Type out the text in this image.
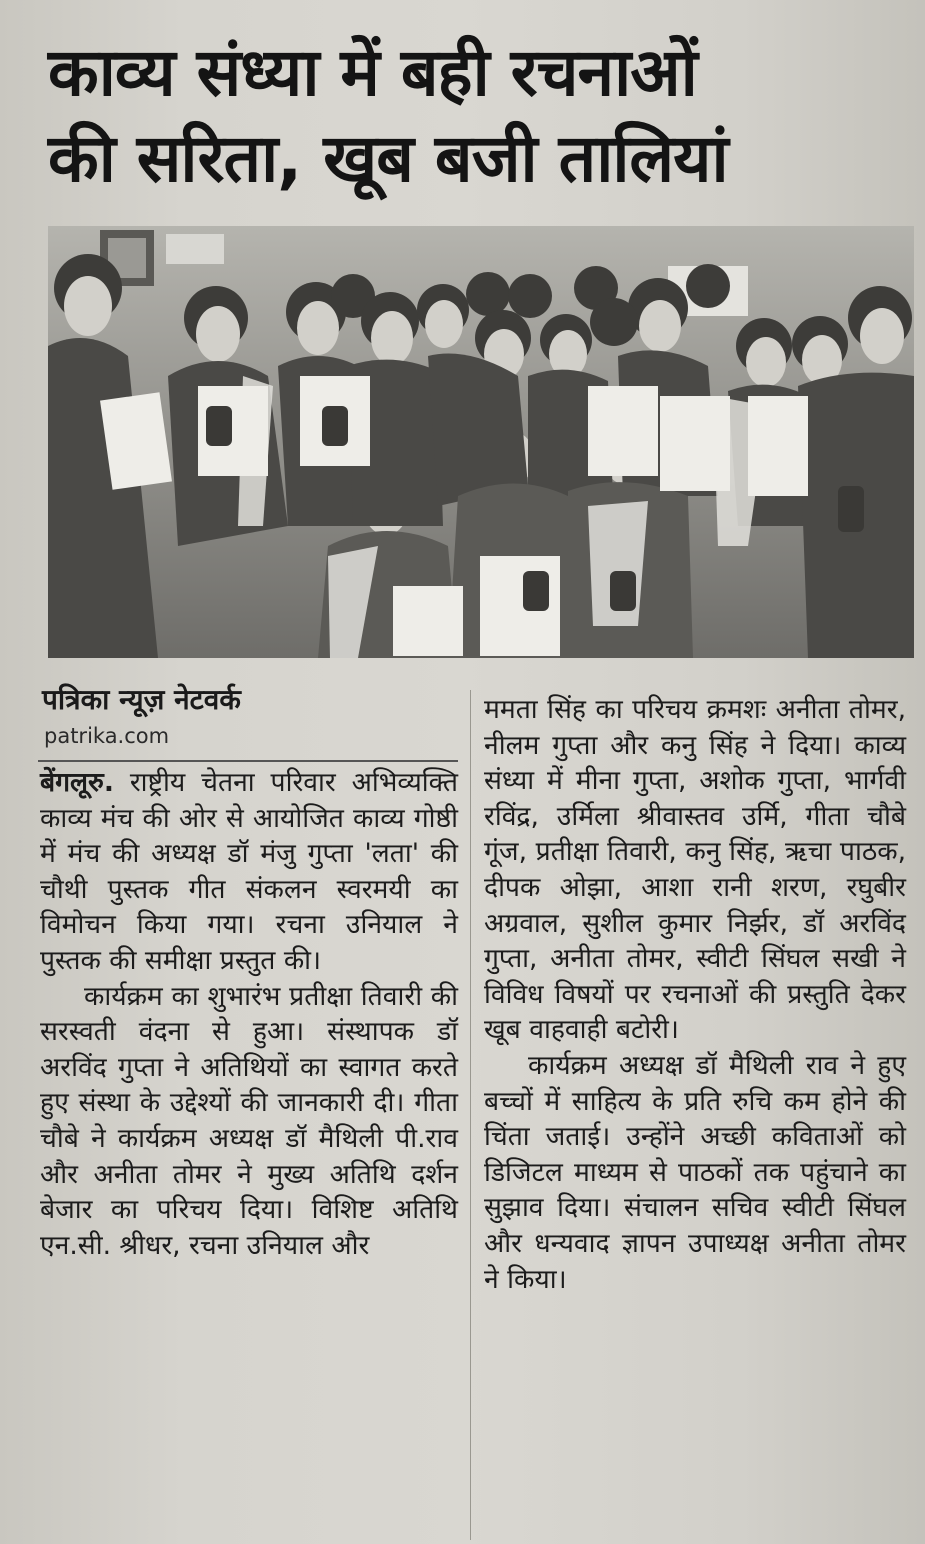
काव्य संध्या में बही रचनाओं
की सरिता, खूब बजी तालियां
पत्रिका न्यूज़ नेटवर्क
patrika.com

बेंगलूरु. राष्ट्रीय चेतना परिवार अभिव्यक्ति काव्य मंच की ओर से आयोजित काव्य गोष्ठी में मंच की अध्यक्ष डॉ मंजु गुप्ता 'लता' की चौथी पुस्तक गीत संकलन स्वरमयी का विमोचन किया गया। रचना उनियाल ने पुस्तक की समीक्षा प्रस्तुत की।

कार्यक्रम का शुभारंभ प्रतीक्षा तिवारी की सरस्वती वंदना से हुआ। संस्थापक डॉ अरविंद गुप्ता ने अतिथियों का स्वागत करते हुए संस्था के उद्देश्यों की जानकारी दी। गीता चौबे ने कार्यक्रम अध्यक्ष डॉ मैथिली पी.राव और अनीता तोमर ने मुख्य अतिथि दर्शन बेजार का परिचय दिया। विशिष्ट अतिथि एन.सी. श्रीधर, रचना उनियाल और

ममता सिंह का परिचय क्रमशः अनीता तोमर, नीलम गुप्ता और कनु सिंह ने दिया। काव्य संध्या में मीना गुप्ता, अशोक गुप्ता, भार्गवी रविंद्र, उर्मिला श्रीवास्तव उर्मि, गीता चौबे गूंज, प्रतीक्षा तिवारी, कनु सिंह, ऋचा पाठक, दीपक ओझा, आशा रानी शरण, रघुबीर अग्रवाल, सुशील कुमार निर्झर, डॉ अरविंद गुप्ता, अनीता तोमर, स्वीटी सिंघल सखी ने विविध विषयों पर रचनाओं की प्रस्तुति देकर खूब वाहवाही बटोरी।

कार्यक्रम अध्यक्ष डॉ मैथिली राव ने हुए बच्चों में साहित्य के प्रति रुचि कम होने की चिंता जताई। उन्होंने अच्छी कविताओं को डिजिटल माध्यम से पाठकों तक पहुंचाने का सुझाव दिया। संचालन सचिव स्वीटी सिंघल और धन्यवाद ज्ञापन उपाध्यक्ष अनीता तोमर ने किया।
